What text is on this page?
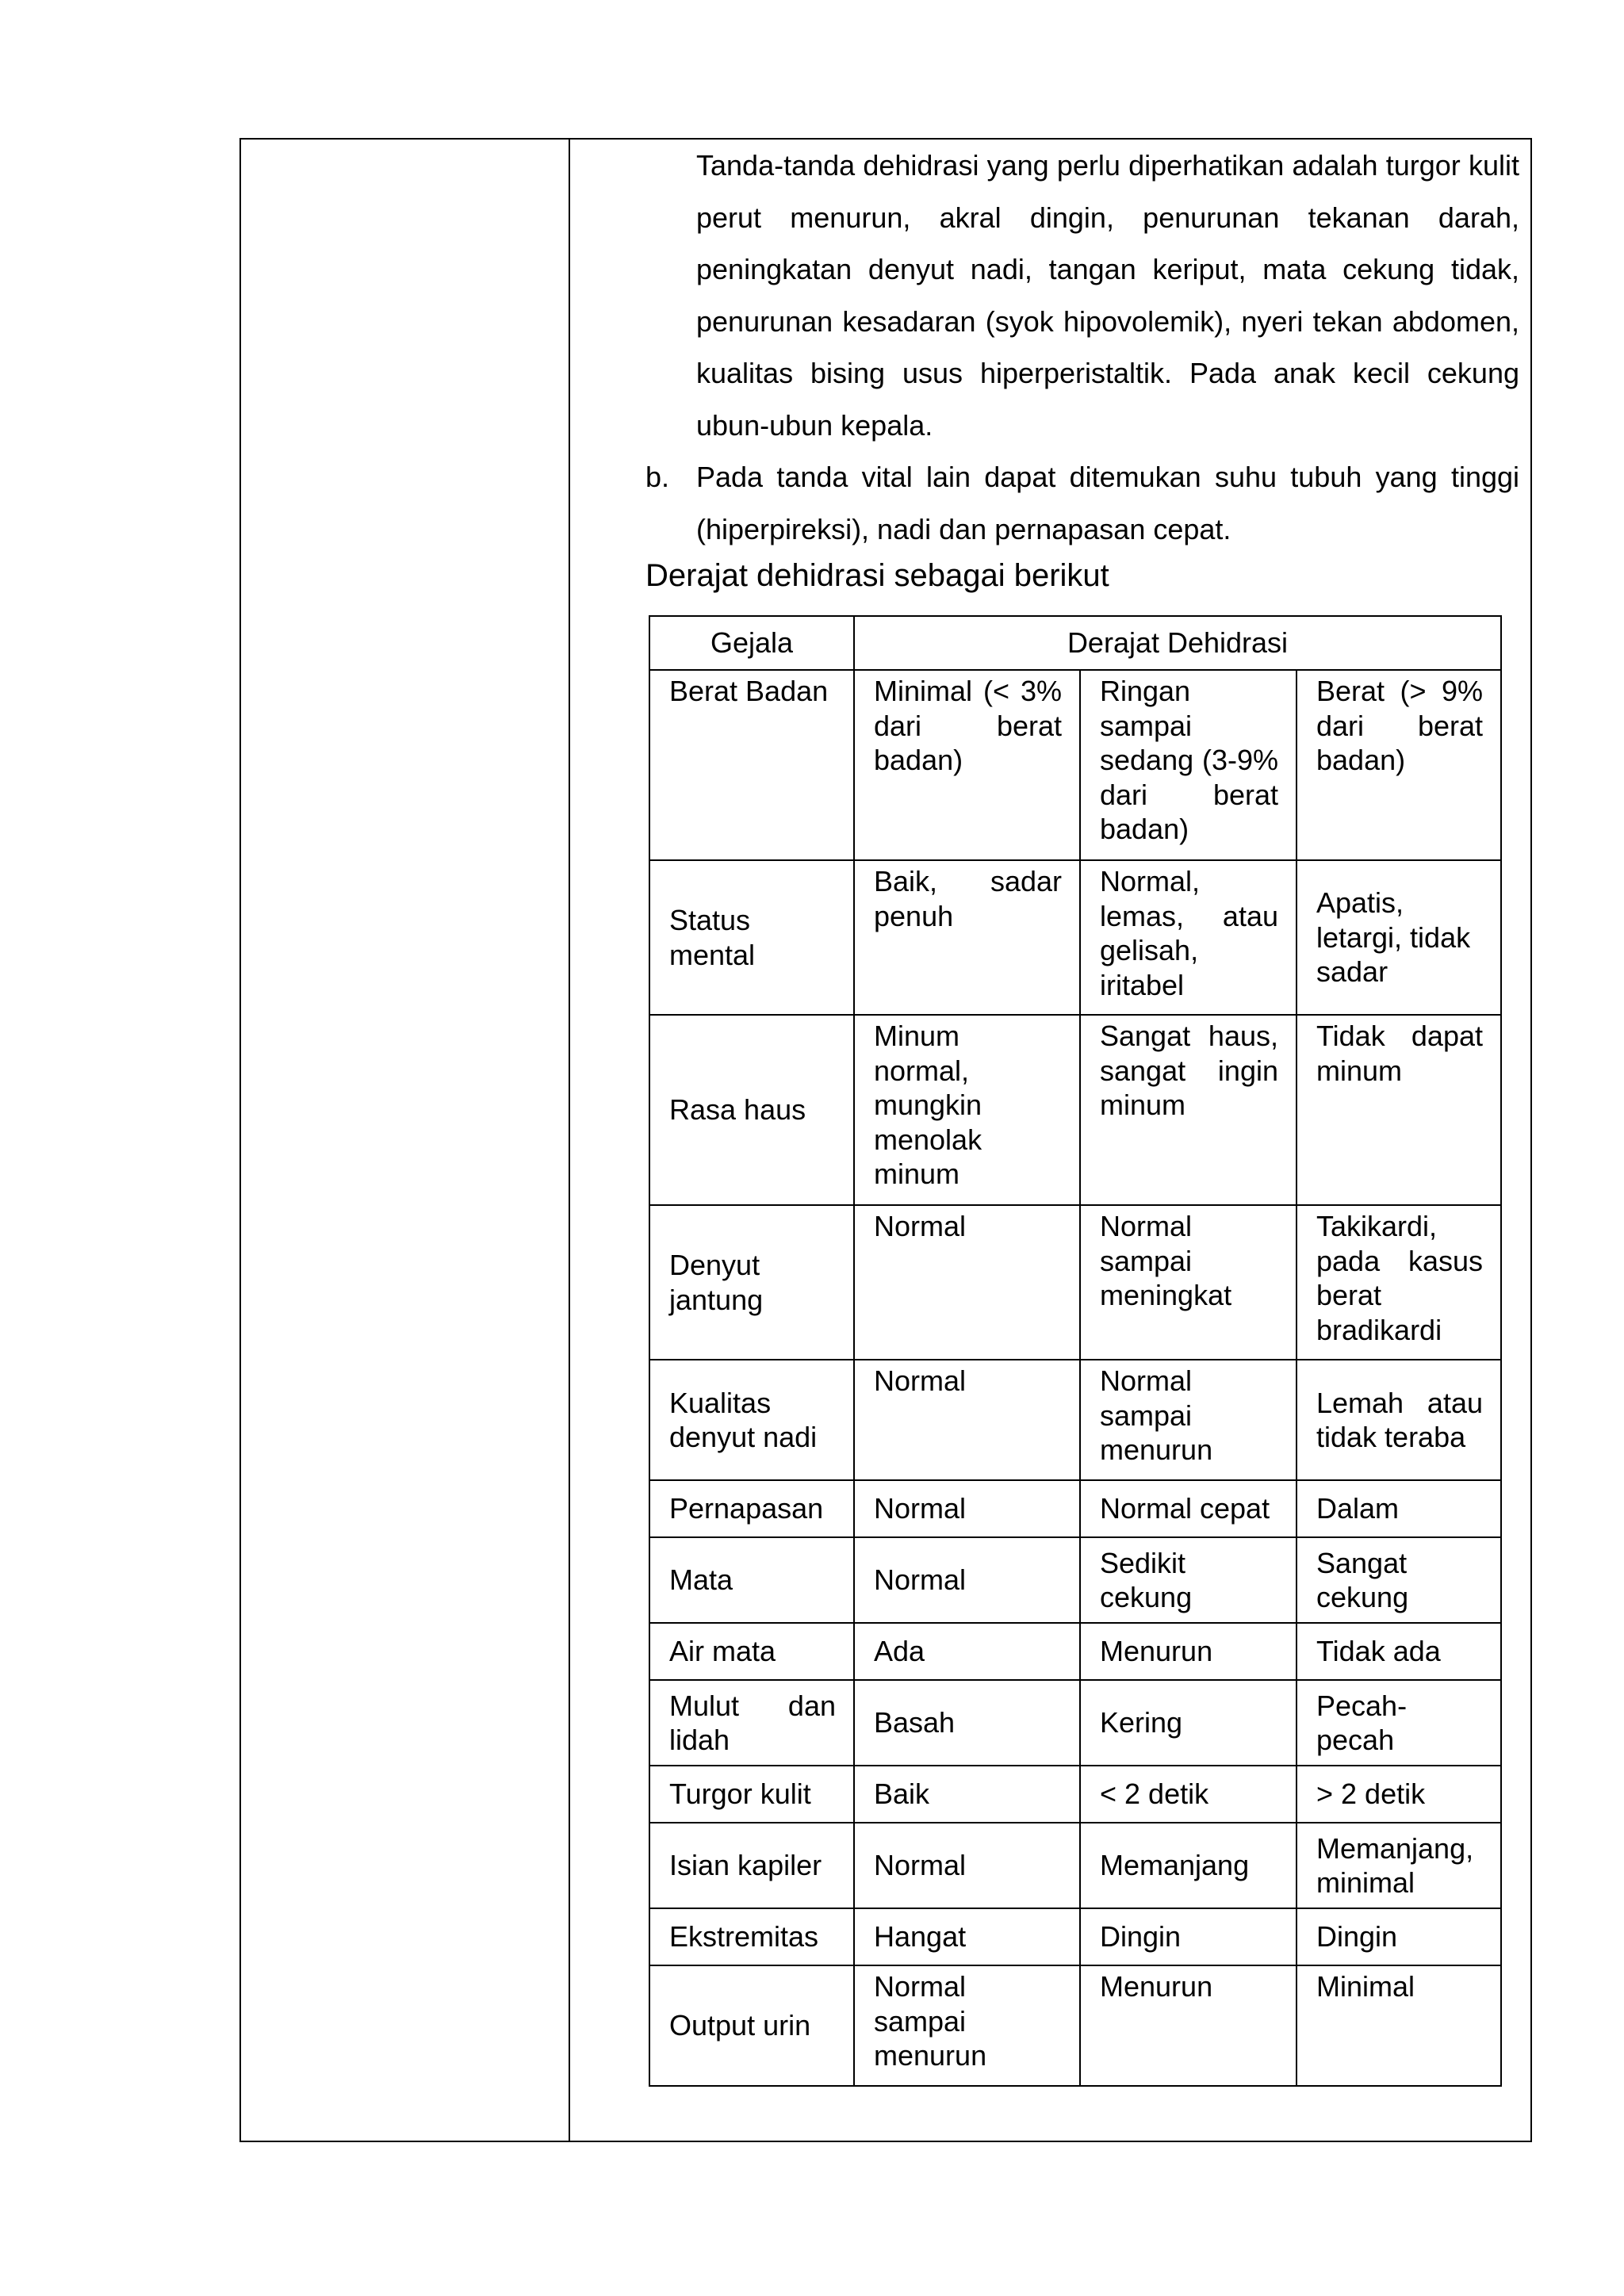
Tanda-tanda dehidrasi yang perlu diperhatikan adalah turgor kulit perut menurun, akral dingin, penurunan tekanan darah, peningkatan denyut nadi, tangan keriput, mata cekung tidak, penurunan kesadaran (syok hipovolemik), nyeri tekan abdomen, kualitas bising usus hiperperistaltik. Pada anak kecil cekung ubun-ubun kepala.
b. Pada tanda vital lain dapat ditemukan suhu tubuh yang tinggi (hiperpireksi), nadi dan pernapasan cepat.
Derajat dehidrasi sebagai berikut
Gejala	Derajat Dehidrasi		
Berat Badan	Minimal (< 3% dari berat badan)	Ringan sampai sedang (3-9% dari berat badan)	Berat (> 9% dari berat badan)
Status mental	Baik, sadar penuh	Normal, lemas, atau gelisah, iritabel	Apatis, letargi, tidak sadar
Rasa haus	Minum normal, mungkin menolak minum	Sangat haus, sangat ingin minum	Tidak dapat minum
Denyut jantung	Normal	Normal sampai meningkat	Takikardi, pada kasus berat bradikardi
Kualitas denyut nadi	Normal	Normal sampai menurun	Lemah atau tidak teraba
Pernapasan	Normal	Normal cepat	Dalam
Mata	Normal	Sedikit cekung	Sangat cekung
Air mata	Ada	Menurun	Tidak ada
Mulut dan lidah	Basah	Kering	Pecah-pecah
Turgor kulit	Baik	< 2 detik	> 2 detik
Isian kapiler	Normal	Memanjang	Memanjang, minimal
Ekstremitas	Hangat	Dingin	Dingin
Output urin	Normal sampai menurun	Menurun	Minimal
